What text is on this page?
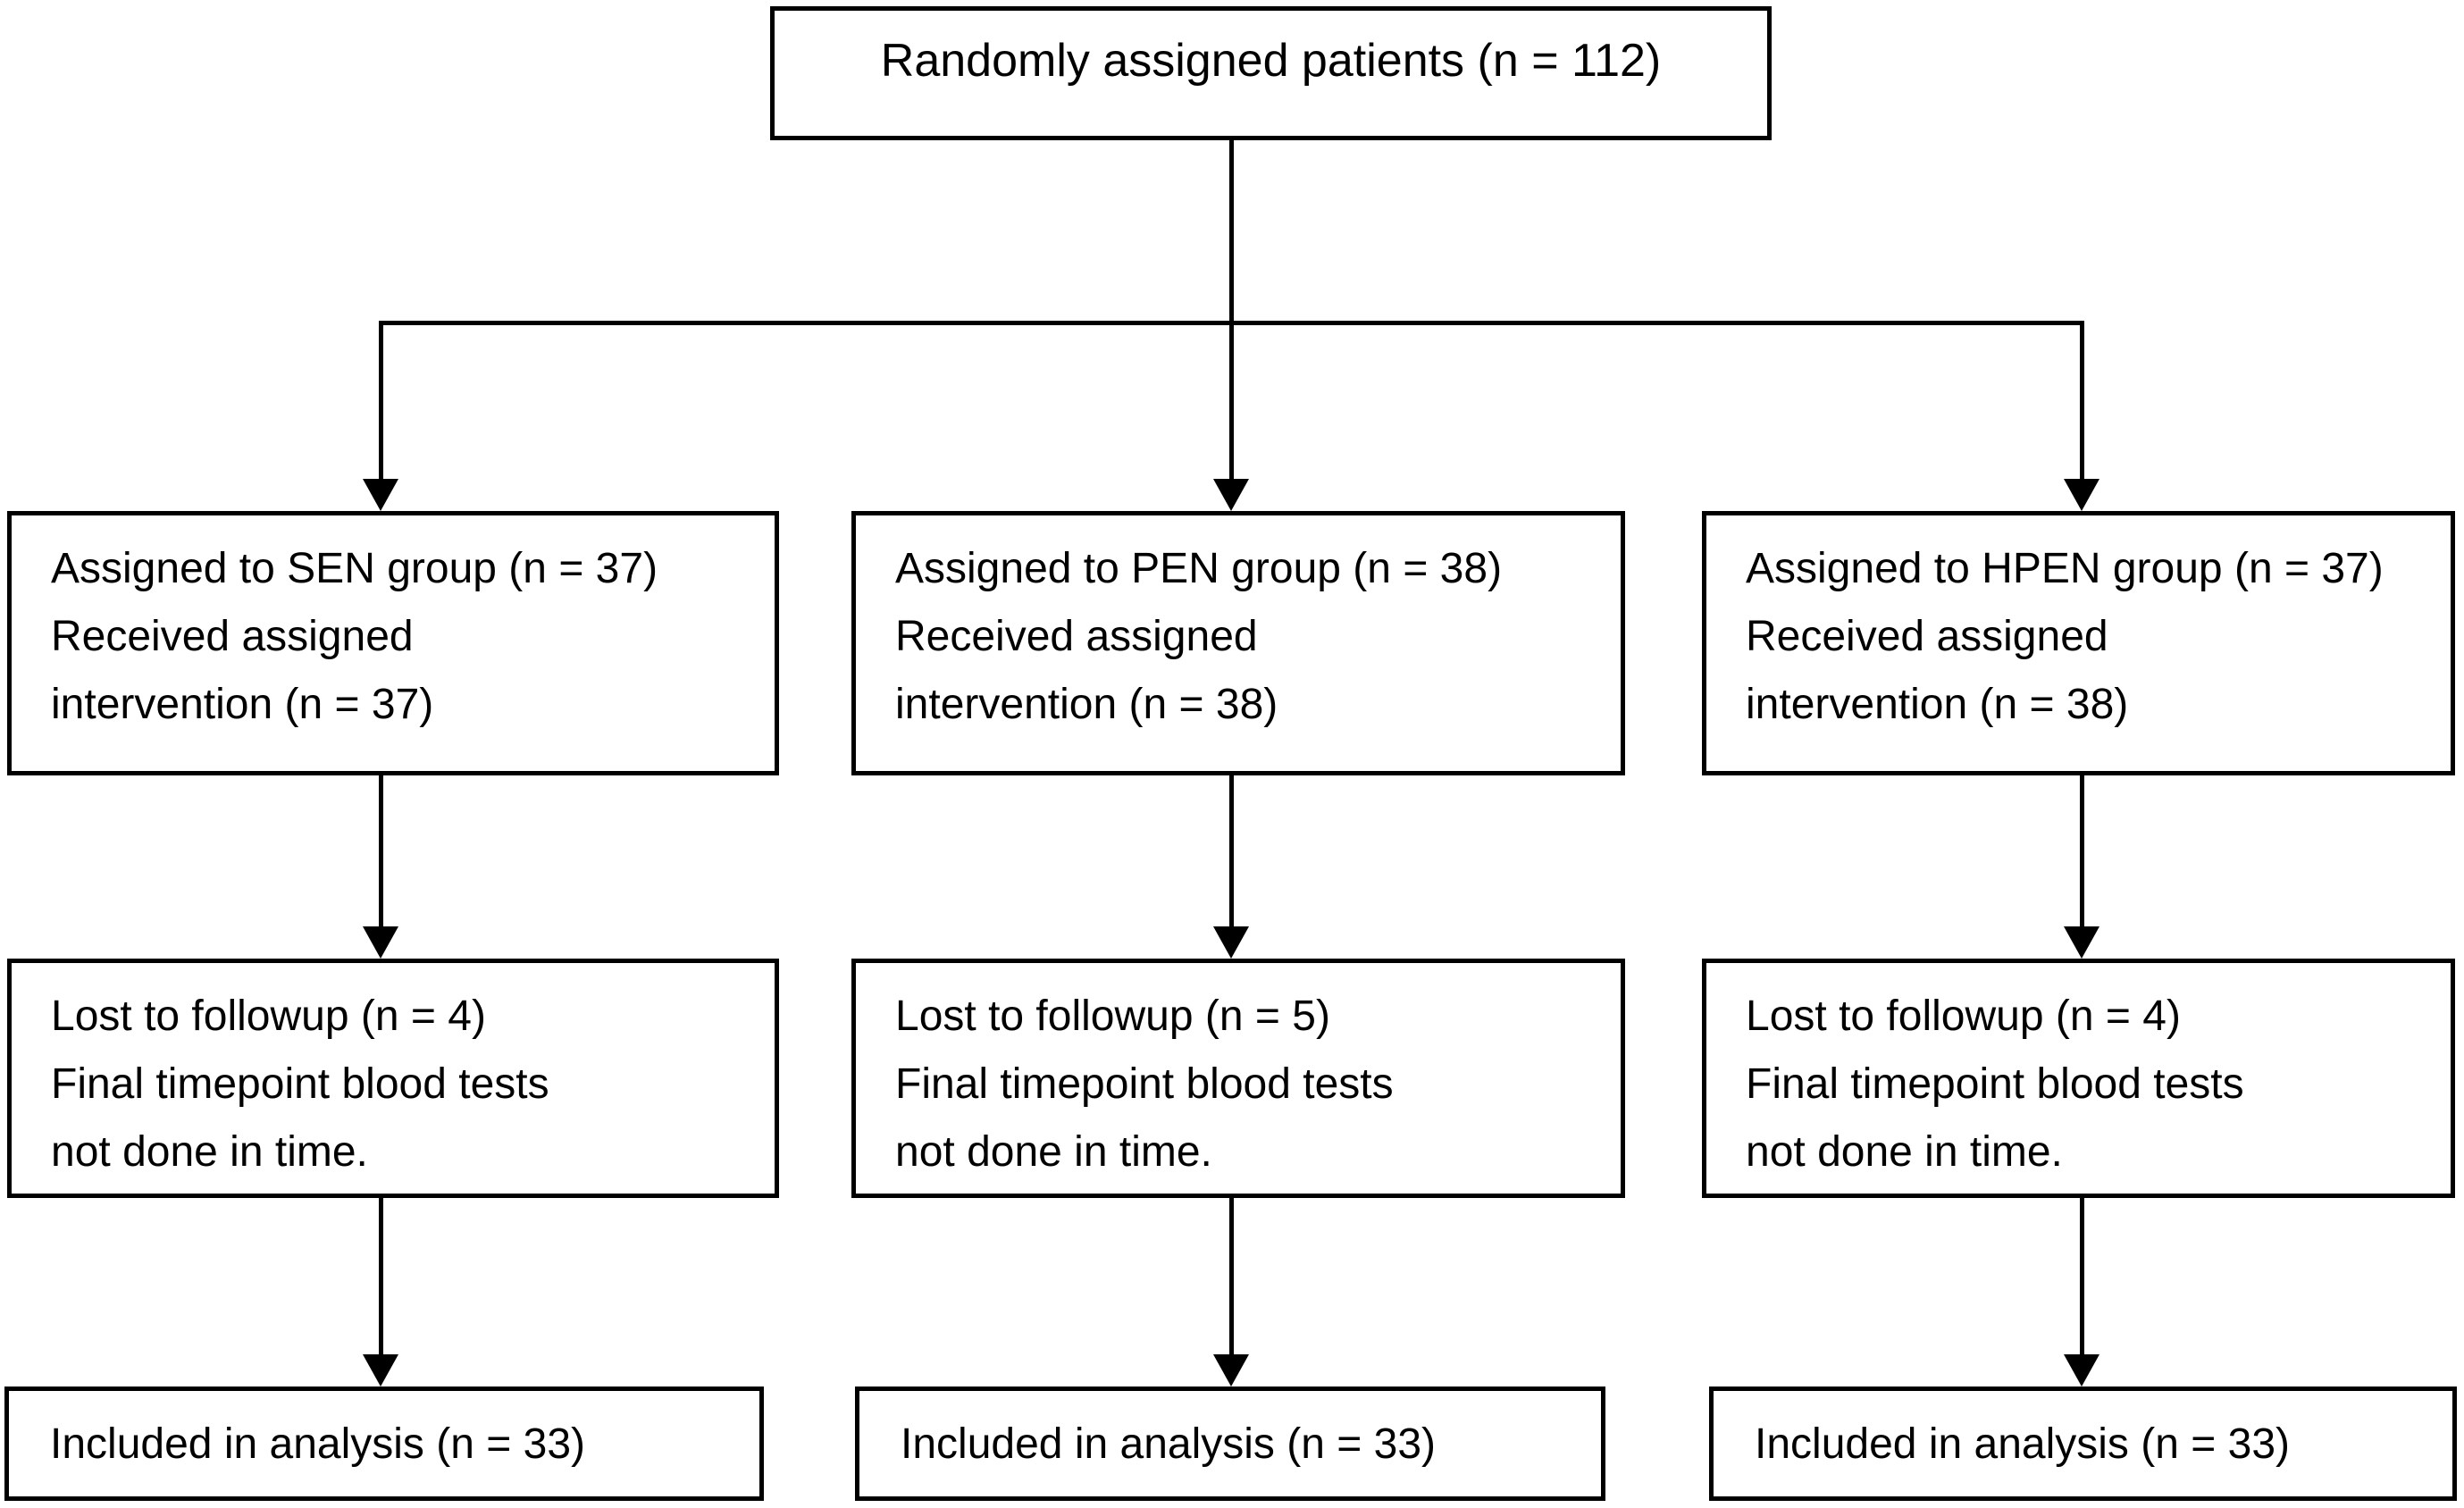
Randomly assigned patients (n = 112)
Assigned to SEN group (n = 37)
Received assigned
intervention (n = 37)
Assigned to PEN group (n = 38)
Received assigned
intervention (n = 38)
Assigned to HPEN group (n = 37)
Received assigned
intervention (n = 38)
Lost to followup (n = 4)
Final timepoint blood tests
not done in time.
Lost to followup (n = 5)
Final timepoint blood tests
not done in time.
Lost to followup (n = 4)
Final timepoint blood tests
not done in time.
Included in analysis (n = 33)	Included in analysis (n = 33)	Included in analysis (n = 33)
